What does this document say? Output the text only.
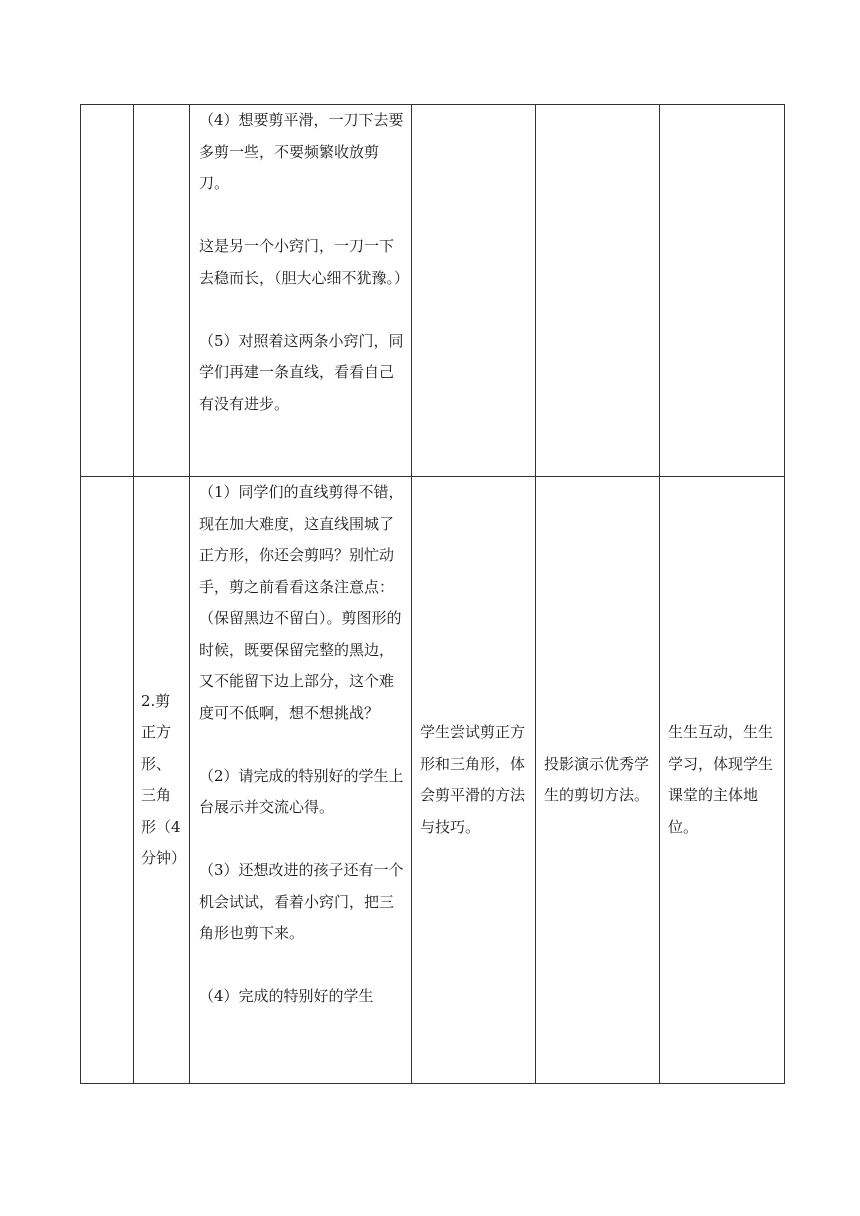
		（4）想要剪平滑，一刀下去要多剪一些，不要频繁收放剪刀。

这是另一个小窍门，一刀一下去稳而长，（胆大心细不犹豫。）

（5）对照着这两条小窍门，同学们再建一条直线，看看自己有没有进步。			

	2.剪正方形、三角形（4分钟）	（1）同学们的直线剪得不错，现在加大难度，这直线围城了正方形，你还会剪吗？别忙动手，剪之前看看这条注意点：（保留黑边不留白）。剪图形的时候，既要保留完整的黑边，又不能留下边上部分，这个难度可不低啊，想不想挑战？

（2）请完成的特别好的学生上台展示并交流心得。

（3）还想改进的孩子还有一个机会试试，看着小窍门，把三角形也剪下来。

（4）完成的特别好的学生	学生尝试剪正方形和三角形，体会剪平滑的方法与技巧。	投影演示优秀学生的剪切方法。	生生互动，生生学习，体现学生课堂的主体地位。
